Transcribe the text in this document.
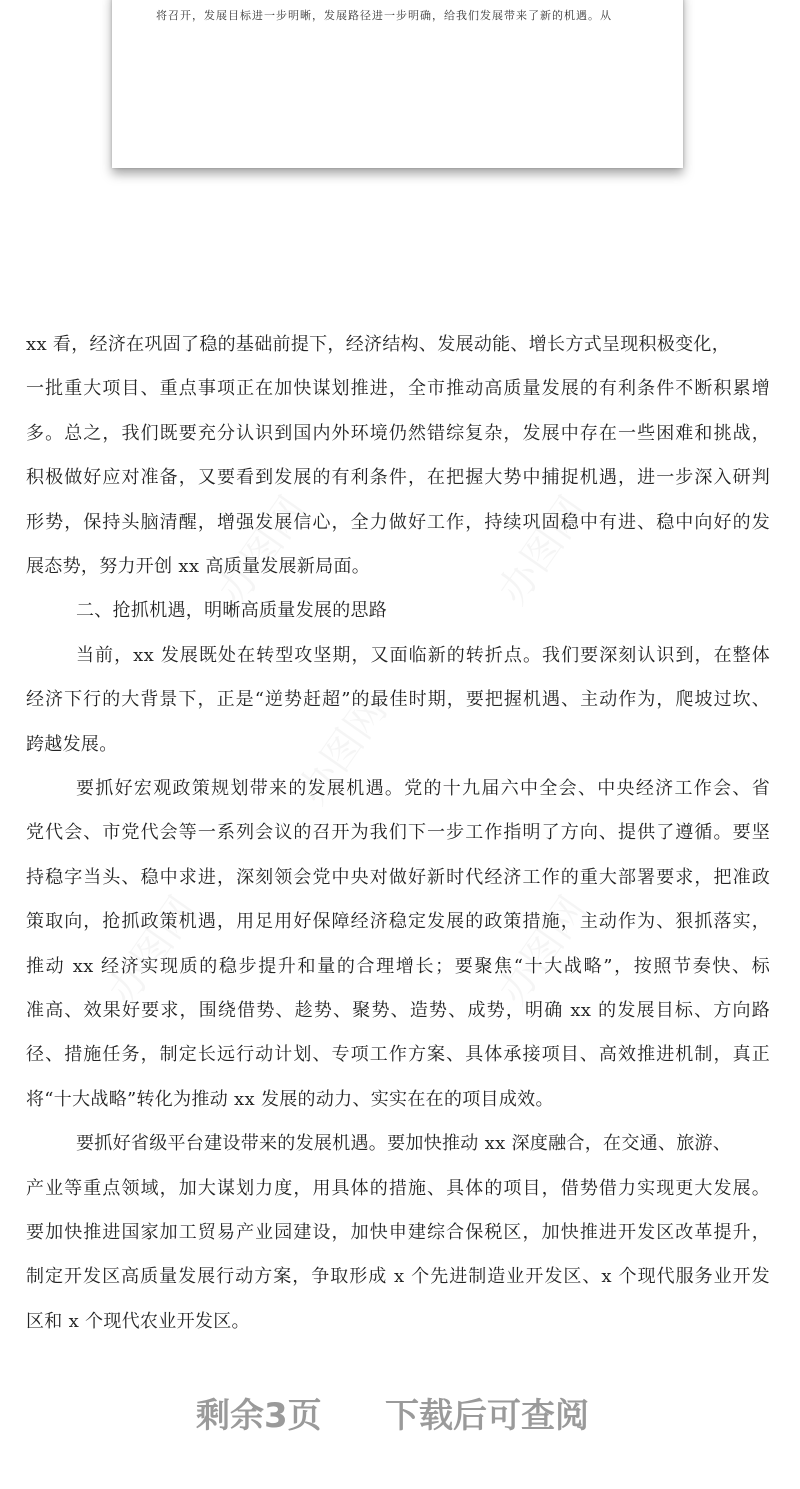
将召开，发展目标进一步明晰，发展路径进一步明确，给我们发展带来了新的机遇。从
xx 看，经济在巩固了稳的基础前提下，经济结构、发展动能、增长方式呈现积极变化，
一批重大项目、重点事项正在加快谋划推进，全市推动高质量发展的有利条件不断积累增
多。总之，我们既要充分认识到国内外环境仍然错综复杂，发展中存在一些困难和挑战，
积极做好应对准备，又要看到发展的有利条件，在把握大势中捕捉机遇，进一步深入研判
形势，保持头脑清醒，增强发展信心，全力做好工作，持续巩固稳中有进、稳中向好的发
展态势，努力开创 xx 高质量发展新局面。
二、抢抓机遇，明晰高质量发展的思路
当前，xx 发展既处在转型攻坚期，又面临新的转折点。我们要深刻认识到，在整体
经济下行的大背景下，正是“逆势赶超”的最佳时期，要把握机遇、主动作为，爬坡过坎、
跨越发展。
要抓好宏观政策规划带来的发展机遇。党的十九届六中全会、中央经济工作会、省
党代会、市党代会等一系列会议的召开为我们下一步工作指明了方向、提供了遵循。要坚
持稳字当头、稳中求进，深刻领会党中央对做好新时代经济工作的重大部署要求，把准政
策取向，抢抓政策机遇，用足用好保障经济稳定发展的政策措施，主动作为、狠抓落实，
推动 xx 经济实现质的稳步提升和量的合理增长；要聚焦“十大战略”，按照节奏快、标
准高、效果好要求，围绕借势、趁势、聚势、造势、成势，明确 xx 的发展目标、方向路
径、措施任务，制定长远行动计划、专项工作方案、具体承接项目、高效推进机制，真正
将“十大战略”转化为推动 xx 发展的动力、实实在在的项目成效。
要抓好省级平台建设带来的发展机遇。要加快推动 xx 深度融合，在交通、旅游、
产业等重点领域，加大谋划力度，用具体的措施、具体的项目，借势借力实现更大发展。
要加快推进国家加工贸易产业园建设，加快申建综合保税区，加快推进开发区改革提升，
制定开发区高质量发展行动方案，争取形成 x 个先进制造业开发区、x 个现代服务业开发
区和 x 个现代农业开发区。
剩余3页 下载后可查阅
